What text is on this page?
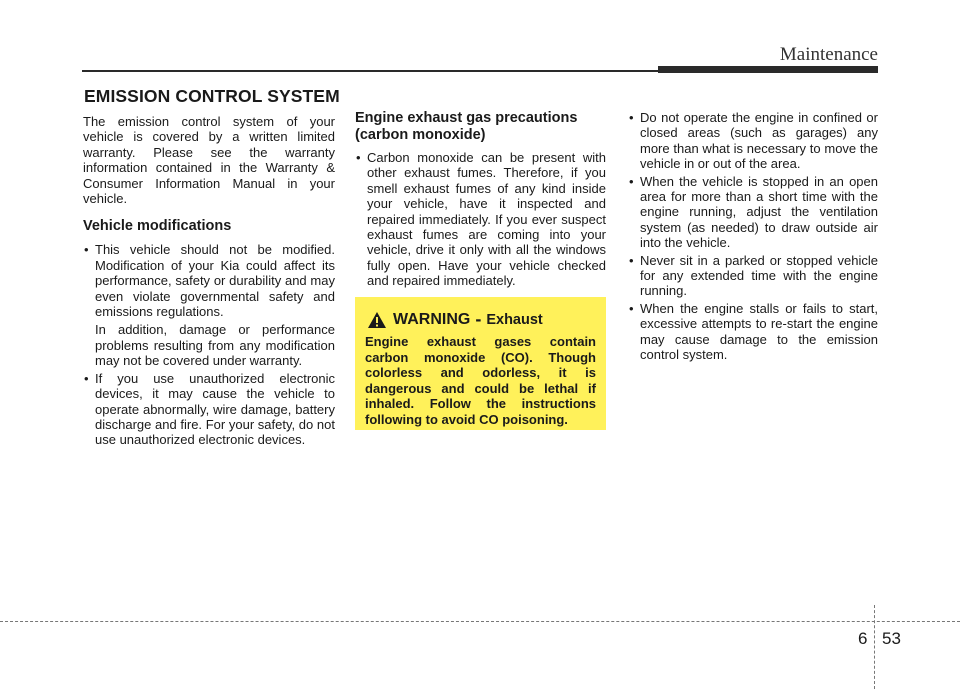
Maintenance
EMISSION CONTROL SYSTEM

The emission control system of your vehicle is covered by a written limited warranty. Please see the warranty information contained in the Warranty & Consumer Information Manual in your vehicle.

Vehicle modifications
• This vehicle should not be modified. Modification of your Kia could affect its performance, safety or durability and may even violate governmental safety and emissions regulations.
In addition, damage or performance problems resulting from any modification may not be covered under warranty.
• If you use unauthorized electronic devices, it may cause the vehicle to operate abnormally, wire damage, battery discharge and fire. For your safety, do not use unauthorized electronic devices.
Engine exhaust gas precautions (carbon monoxide)
• Carbon monoxide can be present with other exhaust fumes. Therefore, if you smell exhaust fumes of any kind inside your vehicle, have it inspected and repaired immediately. If you ever suspect exhaust fumes are coming into your vehicle, drive it only with all the windows fully open. Have your vehicle checked and repaired immediately.
WARNING - Exhaust
Engine exhaust gases contain carbon monoxide (CO). Though colorless and odorless, it is dangerous and could be lethal if inhaled. Follow the instructions following to avoid CO poisoning.
• Do not operate the engine in confined or closed areas (such as garages) any more than what is necessary to move the vehicle in or out of the area.
• When the vehicle is stopped in an open area for more than a short time with the engine running, adjust the ventilation system (as needed) to draw outside air into the vehicle.
• Never sit in a parked or stopped vehicle for any extended time with the engine running.
• When the engine stalls or fails to start, excessive attempts to re-start the engine may cause damage to the emission control system.
6 53
